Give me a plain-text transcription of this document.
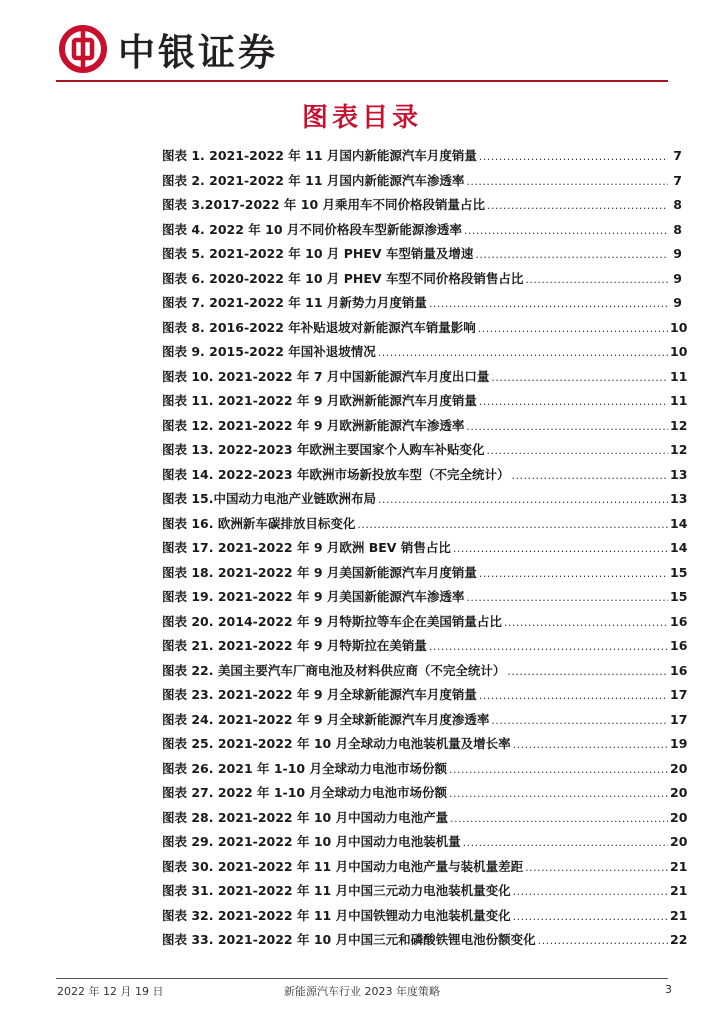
中银证券
图表目录
图表 1. 2021-2022 年 11 月国内新能源汽车月度销量 .....	7
图表 2. 2021-2022 年 11 月国内新能源汽车渗透率 .....	7
图表 3.2017-2022 年 10 月乘用车不同价格段销量占比 .....	8
图表 4. 2022 年 10 月不同价格段车型新能源渗透率 .....	8
图表 5. 2021-2022 年 10 月 PHEV 车型销量及增速 .....	9
图表 6. 2020-2022 年 10 月 PHEV 车型不同价格段销售占比 .....	9
图表 7. 2021-2022 年 11 月新势力月度销量 .....	9
图表 8. 2016-2022 年补贴退坡对新能源汽车销量影响 .....	10
图表 9. 2015-2022 年国补退坡情况 .....	10
图表 10. 2021-2022 年 7 月中国新能源汽车月度出口量 .....	11
图表 11. 2021-2022 年 9 月欧洲新能源汽车月度销量 .....	11
图表 12. 2021-2022 年 9 月欧洲新能源汽车渗透率 .....	12
图表 13. 2022-2023 年欧洲主要国家个人购车补贴变化 .....	12
图表 14. 2022-2023 年欧洲市场新投放车型（不完全统计） .....	13
图表 15.中国动力电池产业链欧洲布局 .....	13
图表 16. 欧洲新车碳排放目标变化 .....	14
图表 17. 2021-2022 年 9 月欧洲 BEV 销售占比 .....	14
图表 18. 2021-2022 年 9 月美国新能源汽车月度销量 .....	15
图表 19. 2021-2022 年 9 月美国新能源汽车渗透率 .....	15
图表 20. 2014-2022 年 9 月特斯拉等车企在美国销量占比 .....	16
图表 21. 2021-2022 年 9 月特斯拉在美销量 .....	16
图表 22. 美国主要汽车厂商电池及材料供应商（不完全统计） .....	16
图表 23. 2021-2022 年 9 月全球新能源汽车月度销量 .....	17
图表 24. 2021-2022 年 9 月全球新能源汽车月度渗透率 .....	17
图表 25. 2021-2022 年 10 月全球动力电池装机量及增长率 .....	19
图表 26. 2021 年 1-10 月全球动力电池市场份额 .....	20
图表 27. 2022 年 1-10 月全球动力电池市场份额 .....	20
图表 28. 2021-2022 年 10 月中国动力电池产量 .....	20
图表 29. 2021-2022 年 10 月中国动力电池装机量 .....	20
图表 30. 2021-2022 年 11 月中国动力电池产量与装机量差距 .....	21
图表 31. 2021-2022 年 11 月中国三元动力电池装机量变化 .....	21
图表 32. 2021-2022 年 11 月中国铁锂动力电池装机量变化 .....	21
图表 33. 2021-2022 年 10 月中国三元和磷酸铁锂电池份额变化 .....	22
2022 年 12 月 19 日	新能源汽车行业 2023 年度策略	3
